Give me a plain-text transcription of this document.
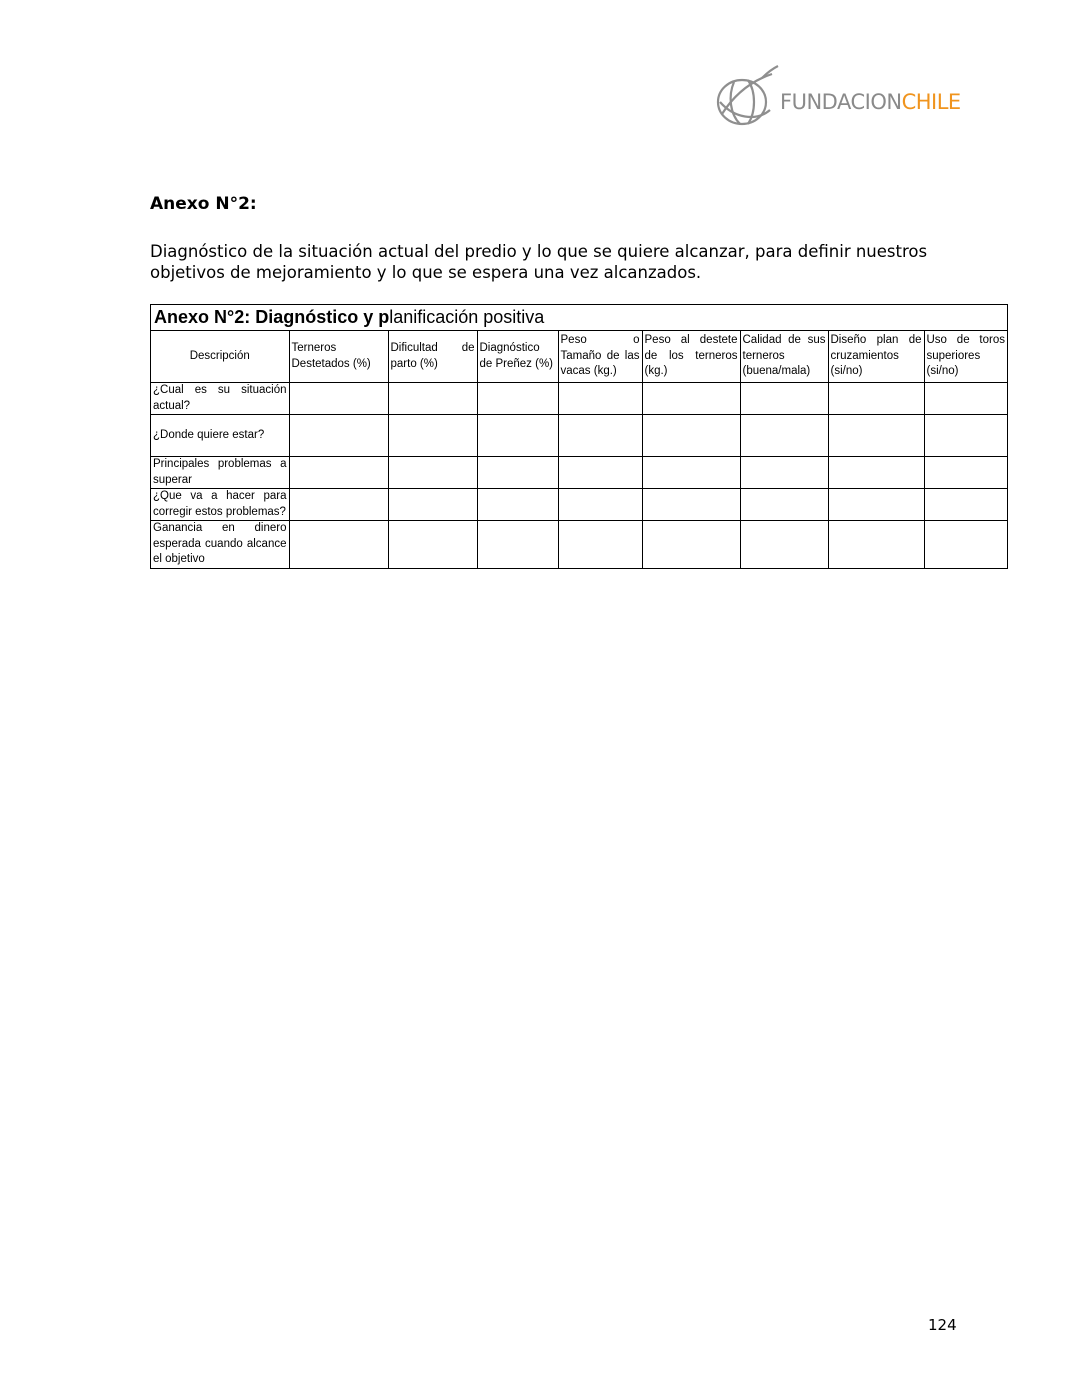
FUNDACIONCHILE
Anexo N°2:
Diagnóstico de la situación actual del predio y lo que se quiere alcanzar, para definir nuestros objetivos de mejoramiento y lo que se espera una vez alcanzados.
Anexo N°2: Diagnóstico y planificación positiva
Descripción	Terneros Destetados (%)	Dificultad de parto (%)	Diagnóstico de Preñez (%)	Peso o Tamaño de las vacas (kg.)	Peso al destete de los terneros (kg.)	Calidad de sus terneros (buena/mala)	Diseño plan de cruzamientos (si/no)	Uso de toros superiores (si/no)
¿Cual es su situación actual?								
¿Donde quiere estar?								
Principales problemas a superar								
¿Que va a hacer para corregir estos problemas?								
Ganancia en dinero esperada cuando alcance el objetivo								
124
